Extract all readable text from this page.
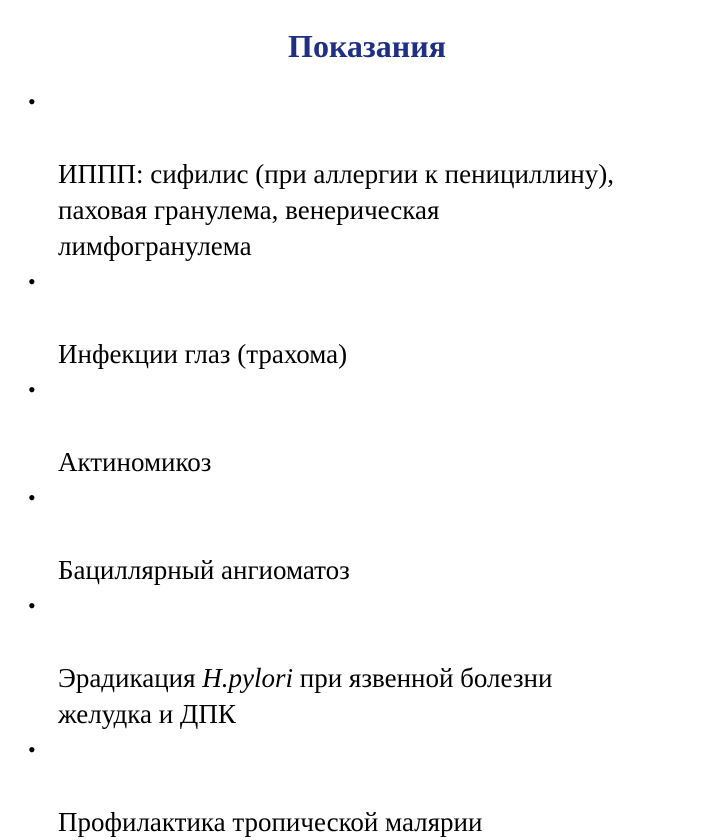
Показания

•

ИППП: сифилис (при аллергии к пенициллину),
паховая гранулема, венерическая
лимфогранулема

•

Инфекции глаз (трахома)

•

Актиномикоз

•

Бациллярный ангиоматоз

•

Эрадикация H.pylori при язвенной болезни
желудка и ДПК

•

Профилактика тропической малярии
